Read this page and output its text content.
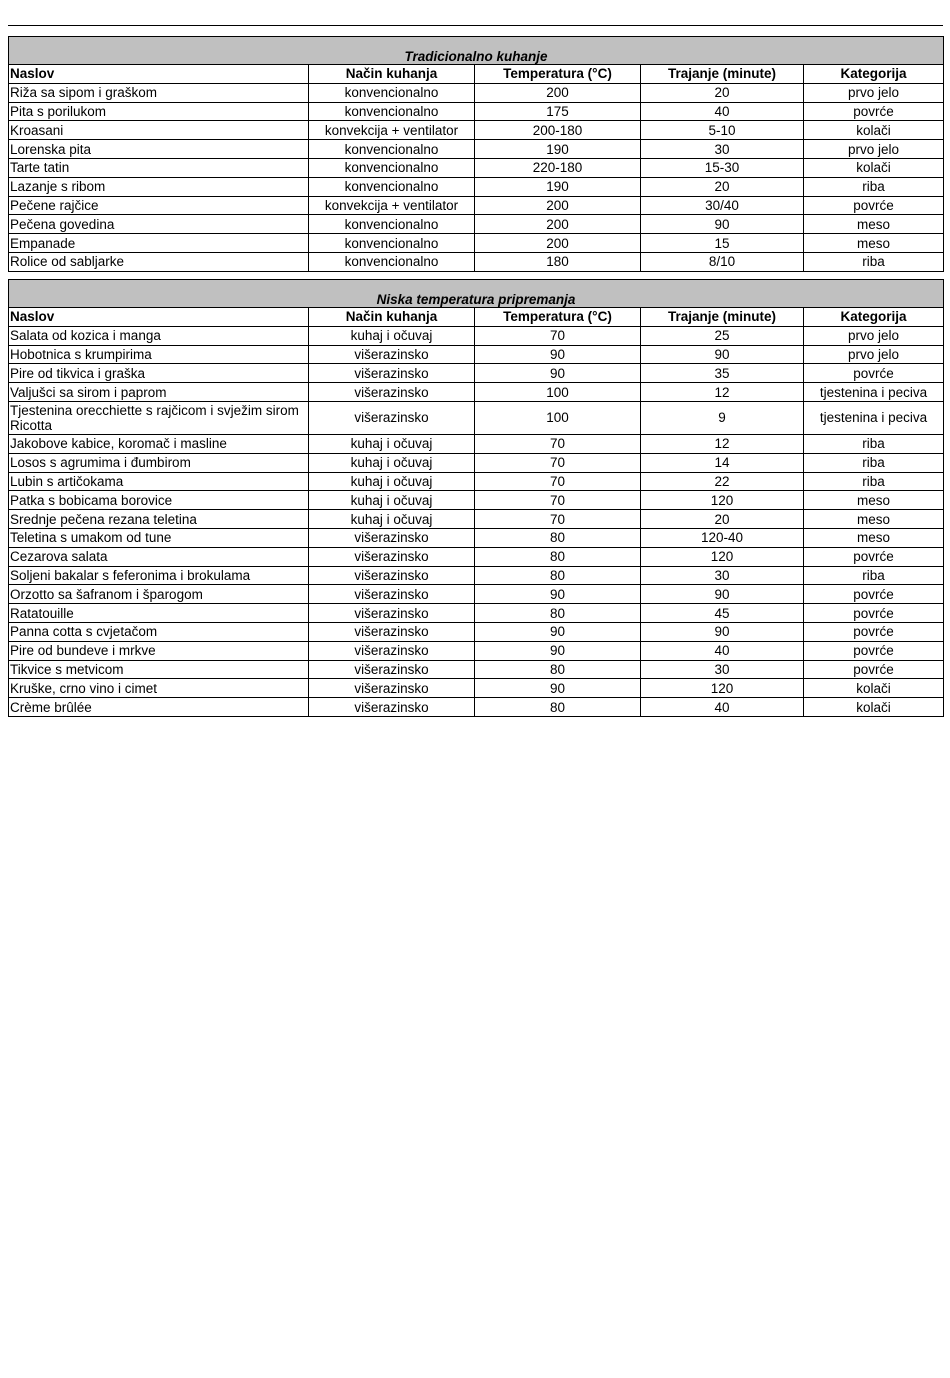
Tradicionalno kuhanje				
Naslov	Način kuhanja	Temperatura (°C)	Trajanje (minute)	Kategorija
Riža sa sipom i graškom	konvencionalno	200	20	prvo jelo
Pita s porilukom	konvencionalno	175	40	povrće
Kroasani	konvekcija + ventilator	200-180	5-10	kolači
Lorenska pita	konvencionalno	190	30	prvo jelo
Tarte tatin	konvencionalno	220-180	15-30	kolači
Lazanje s ribom	konvencionalno	190	20	riba
Pečene rajčice	konvekcija + ventilator	200	30/40	povrće
Pečena govedina	konvencionalno	200	90	meso
Empanade	konvencionalno	200	15	meso
Rolice od sabljarke	konvencionalno	180	8/10	riba
Niska temperatura pripremanja				
Naslov	Način kuhanja	Temperatura (°C)	Trajanje (minute)	Kategorija
Salata od kozica i manga	kuhaj i očuvaj	70	25	prvo jelo
Hobotnica s krumpirima	višerazinsko	90	90	prvo jelo
Pire od tikvica i graška	višerazinsko	90	35	povrće
Valjušci sa sirom i paprom	višerazinsko	100	12	tjestenina i peciva
Tjestenina orecchiette s rajčicom i svježim sirom Ricotta	višerazinsko	100	9	tjestenina i peciva
Jakobove kabice, koromač i masline	kuhaj i očuvaj	70	12	riba
Losos s agrumima i đumbirom	kuhaj i očuvaj	70	14	riba
Lubin s artičokama	kuhaj i očuvaj	70	22	riba
Patka s bobicama borovice	kuhaj i očuvaj	70	120	meso
Srednje pečena rezana teletina	kuhaj i očuvaj	70	20	meso
Teletina s umakom od tune	višerazinsko	80	120-40	meso
Cezarova salata	višerazinsko	80	120	povrće
Soljeni bakalar s feferonima i brokulama	višerazinsko	80	30	riba
Orzotto sa šafranom i šparogom	višerazinsko	90	90	povrće
Ratatouille	višerazinsko	80	45	povrće
Panna cotta s cvjetačom	višerazinsko	90	90	povrće
Pire od bundeve i mrkve	višerazinsko	90	40	povrće
Tikvice s metvicom	višerazinsko	80	30	povrće
Kruške, crno vino i cimet	višerazinsko	90	120	kolači
Crème brûlée	višerazinsko	80	40	kolači
